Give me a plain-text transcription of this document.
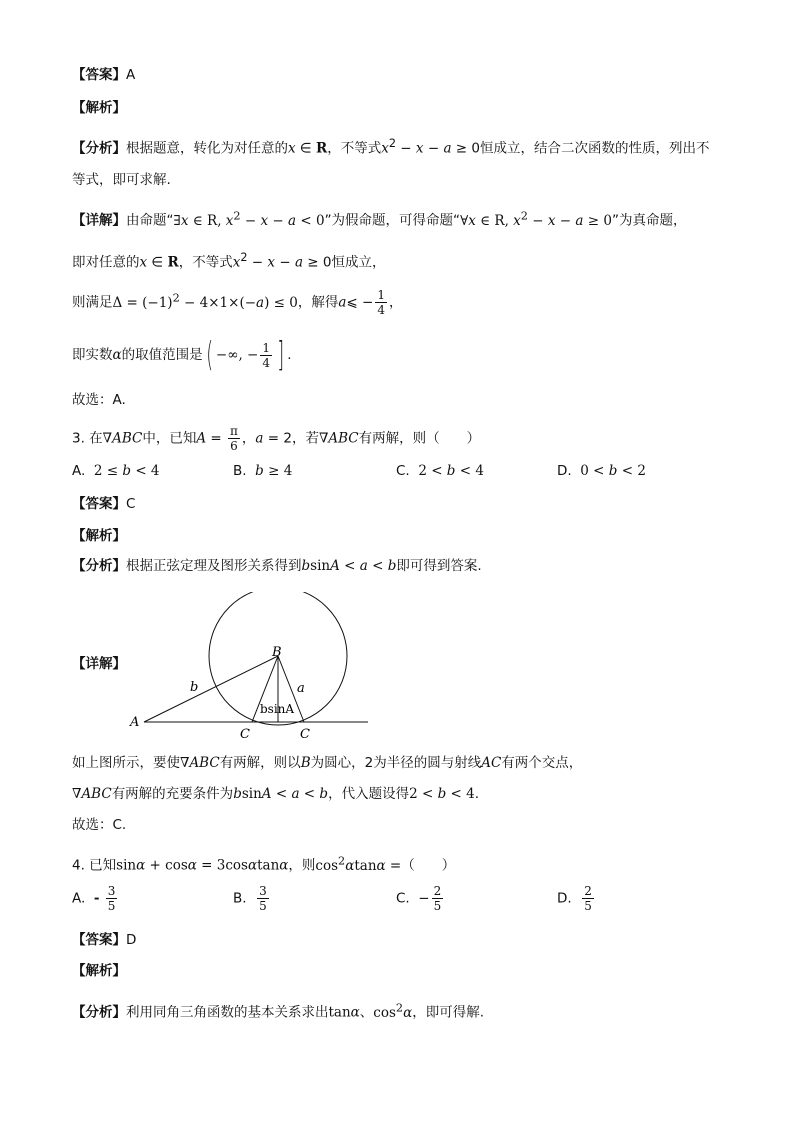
【答案】A
【解析】
【分析】根据题意，转化为对任意的x ∈ R，不等式$x^2 - x - a \ge 0$恒成立，结合二次函数的性质，列出不
等式，即可求解.
【详解】由命题“∃x ∈ R, $x^2 - x - a < 0$”为假命题，可得命题“∀x ∈ R, $x^2 - x - a \ge 0$”为真命题，
即对任意的x ∈ R，不等式$x^2 - x - a \ge 0$恒成立，
则满足$\Delta = (-1)^2 - 4\times 1\times(-a) \le 0$，解得a⩽ − $\frac{1}{4}$ ，
即实数α的取值范围是( −∞, − $\frac{1}{4}$ ] .
故选：A.
3. 在∇ABC中，已知$A = \frac{\pi}{6}$ ，a = 2，若∇ABC有两解，则（　　）
A. 2 ≤ b < 4	B. b ≥ 4	C. 2 < b < 4	D. 0 < b < 2
【答案】C
【解析】
【分析】根据正弦定理及图形关系得到bsinA < a < b即可得到答案.
【详解】
A
B
C	C
b	a
bsinA
如上图所示，要使∇ABC有两解，则以B为圆心，2为半径的圆与射线AC有两个交点，
∇ABC有两解的充要条件为bsinA < a < b，代入题设得2 < b < 4.
故选：C.
4. 已知sinα + cosα = 3cosαtanα，则$\cos^2\alpha\tan\alpha$ =（　　）
A. - $\frac{3}{5}$	B. $\frac{3}{5}$	C.  − $\frac{2}{5}$	D. $\frac{2}{5}$
【答案】D
【解析】
【分析】利用同角三角函数的基本关系求出tanα、$\cos^2\alpha$，即可得解.
